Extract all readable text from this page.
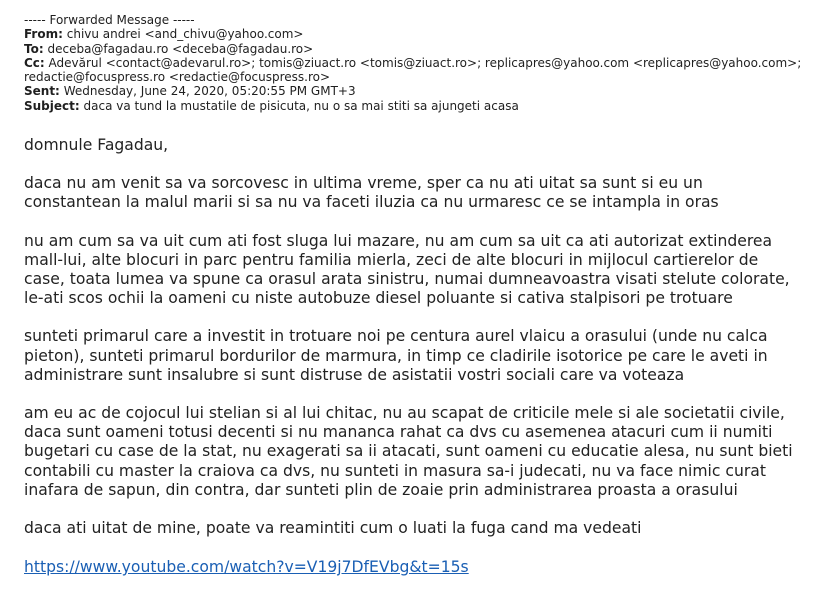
----- Forwarded Message -----
From: chivu andrei <and_chivu@yahoo.com>
To: deceba@fagadau.ro <deceba@fagadau.ro>
Cc: Adevărul <contact@adevarul.ro>; tomis@ziuact.ro <tomis@ziuact.ro>; replicapres@yahoo.com <replicapres@yahoo.com>;
redactie@focuspress.ro <redactie@focuspress.ro>
Sent: Wednesday, June 24, 2020, 05:20:55 PM GMT+3
Subject: daca va tund la mustatile de pisicuta, nu o sa mai stiti sa ajungeti acasa

domnule Fagadau,

daca nu am venit sa va sorcovesc in ultima vreme, sper ca nu ati uitat sa sunt si eu un
constantean la malul marii si sa nu va faceti iluzia ca nu urmaresc ce se intampla in oras

nu am cum sa va uit cum ati fost sluga lui mazare, nu am cum sa uit ca ati autorizat extinderea
mall-lui, alte blocuri in parc pentru familia mierla, zeci de alte blocuri in mijlocul cartierelor de
case, toata lumea va spune ca orasul arata sinistru, numai dumneavoastra visati stelute colorate,
le-ati scos ochii la oameni cu niste autobuze diesel poluante si cativa stalpisori pe trotuare

sunteti primarul care a investit in trotuare noi pe centura aurel vlaicu a orasului (unde nu calca
pieton), sunteti primarul bordurilor de marmura, in timp ce cladirile isotorice pe care le aveti in
administrare sunt insalubre si sunt distruse de asistatii vostri sociali care va voteaza

am eu ac de cojocul lui stelian si al lui chitac, nu au scapat de criticile mele si ale societatii civile,
daca sunt oameni totusi decenti si nu mananca rahat ca dvs cu asemenea atacuri cum ii numiti
bugetari cu case de la stat, nu exagerati sa ii atacati, sunt oameni cu educatie alesa, nu sunt bieti
contabili cu master la craiova ca dvs, nu sunteti in masura sa-i judecati, nu va face nimic curat
inafara de sapun, din contra, dar sunteti plin de zoaie prin administrarea proasta a orasului

daca ati uitat de mine, poate va reamintiti cum o luati la fuga cand ma vedeati

https://www.youtube.com/watch?v=V19j7DfEVbg&t=15s
